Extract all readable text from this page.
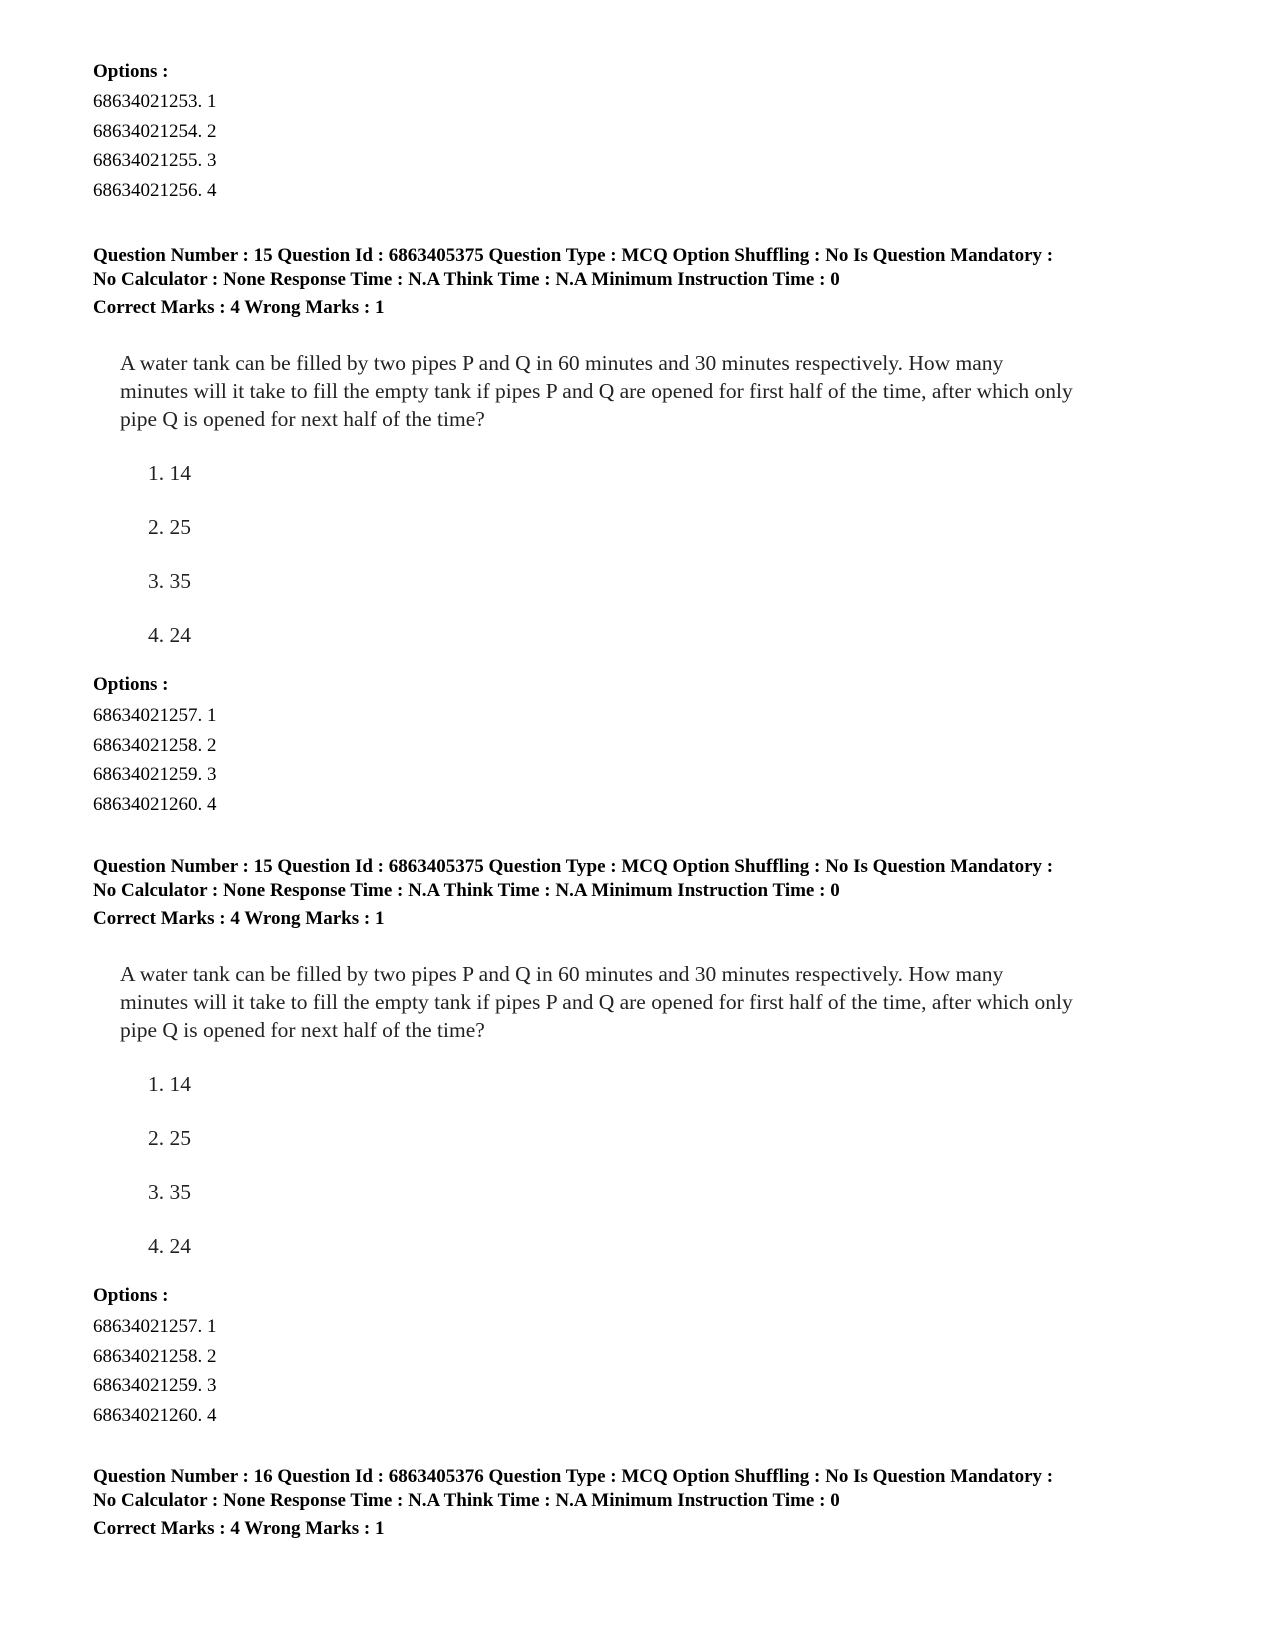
Options :
68634021253. 1
68634021254. 2
68634021255. 3
68634021256. 4
Question Number : 15 Question Id : 6863405375 Question Type : MCQ Option Shuffling : No Is Question Mandatory :
No Calculator : None Response Time : N.A Think Time : N.A Minimum Instruction Time : 0
Correct Marks : 4 Wrong Marks : 1
A water tank can be filled by two pipes P and Q in 60 minutes and 30 minutes respectively. How many
minutes will it take to fill the empty tank if pipes P and Q are opened for first half of the time, after which only
pipe Q is opened for next half of the time?
1. 14
2. 25
3. 35
4. 24
Options :
68634021257. 1
68634021258. 2
68634021259. 3
68634021260. 4
Question Number : 15 Question Id : 6863405375 Question Type : MCQ Option Shuffling : No Is Question Mandatory :
No Calculator : None Response Time : N.A Think Time : N.A Minimum Instruction Time : 0
Correct Marks : 4 Wrong Marks : 1
A water tank can be filled by two pipes P and Q in 60 minutes and 30 minutes respectively. How many
minutes will it take to fill the empty tank if pipes P and Q are opened for first half of the time, after which only
pipe Q is opened for next half of the time?
1. 14
2. 25
3. 35
4. 24
Options :
68634021257. 1
68634021258. 2
68634021259. 3
68634021260. 4
Question Number : 16 Question Id : 6863405376 Question Type : MCQ Option Shuffling : No Is Question Mandatory :
No Calculator : None Response Time : N.A Think Time : N.A Minimum Instruction Time : 0
Correct Marks : 4 Wrong Marks : 1
